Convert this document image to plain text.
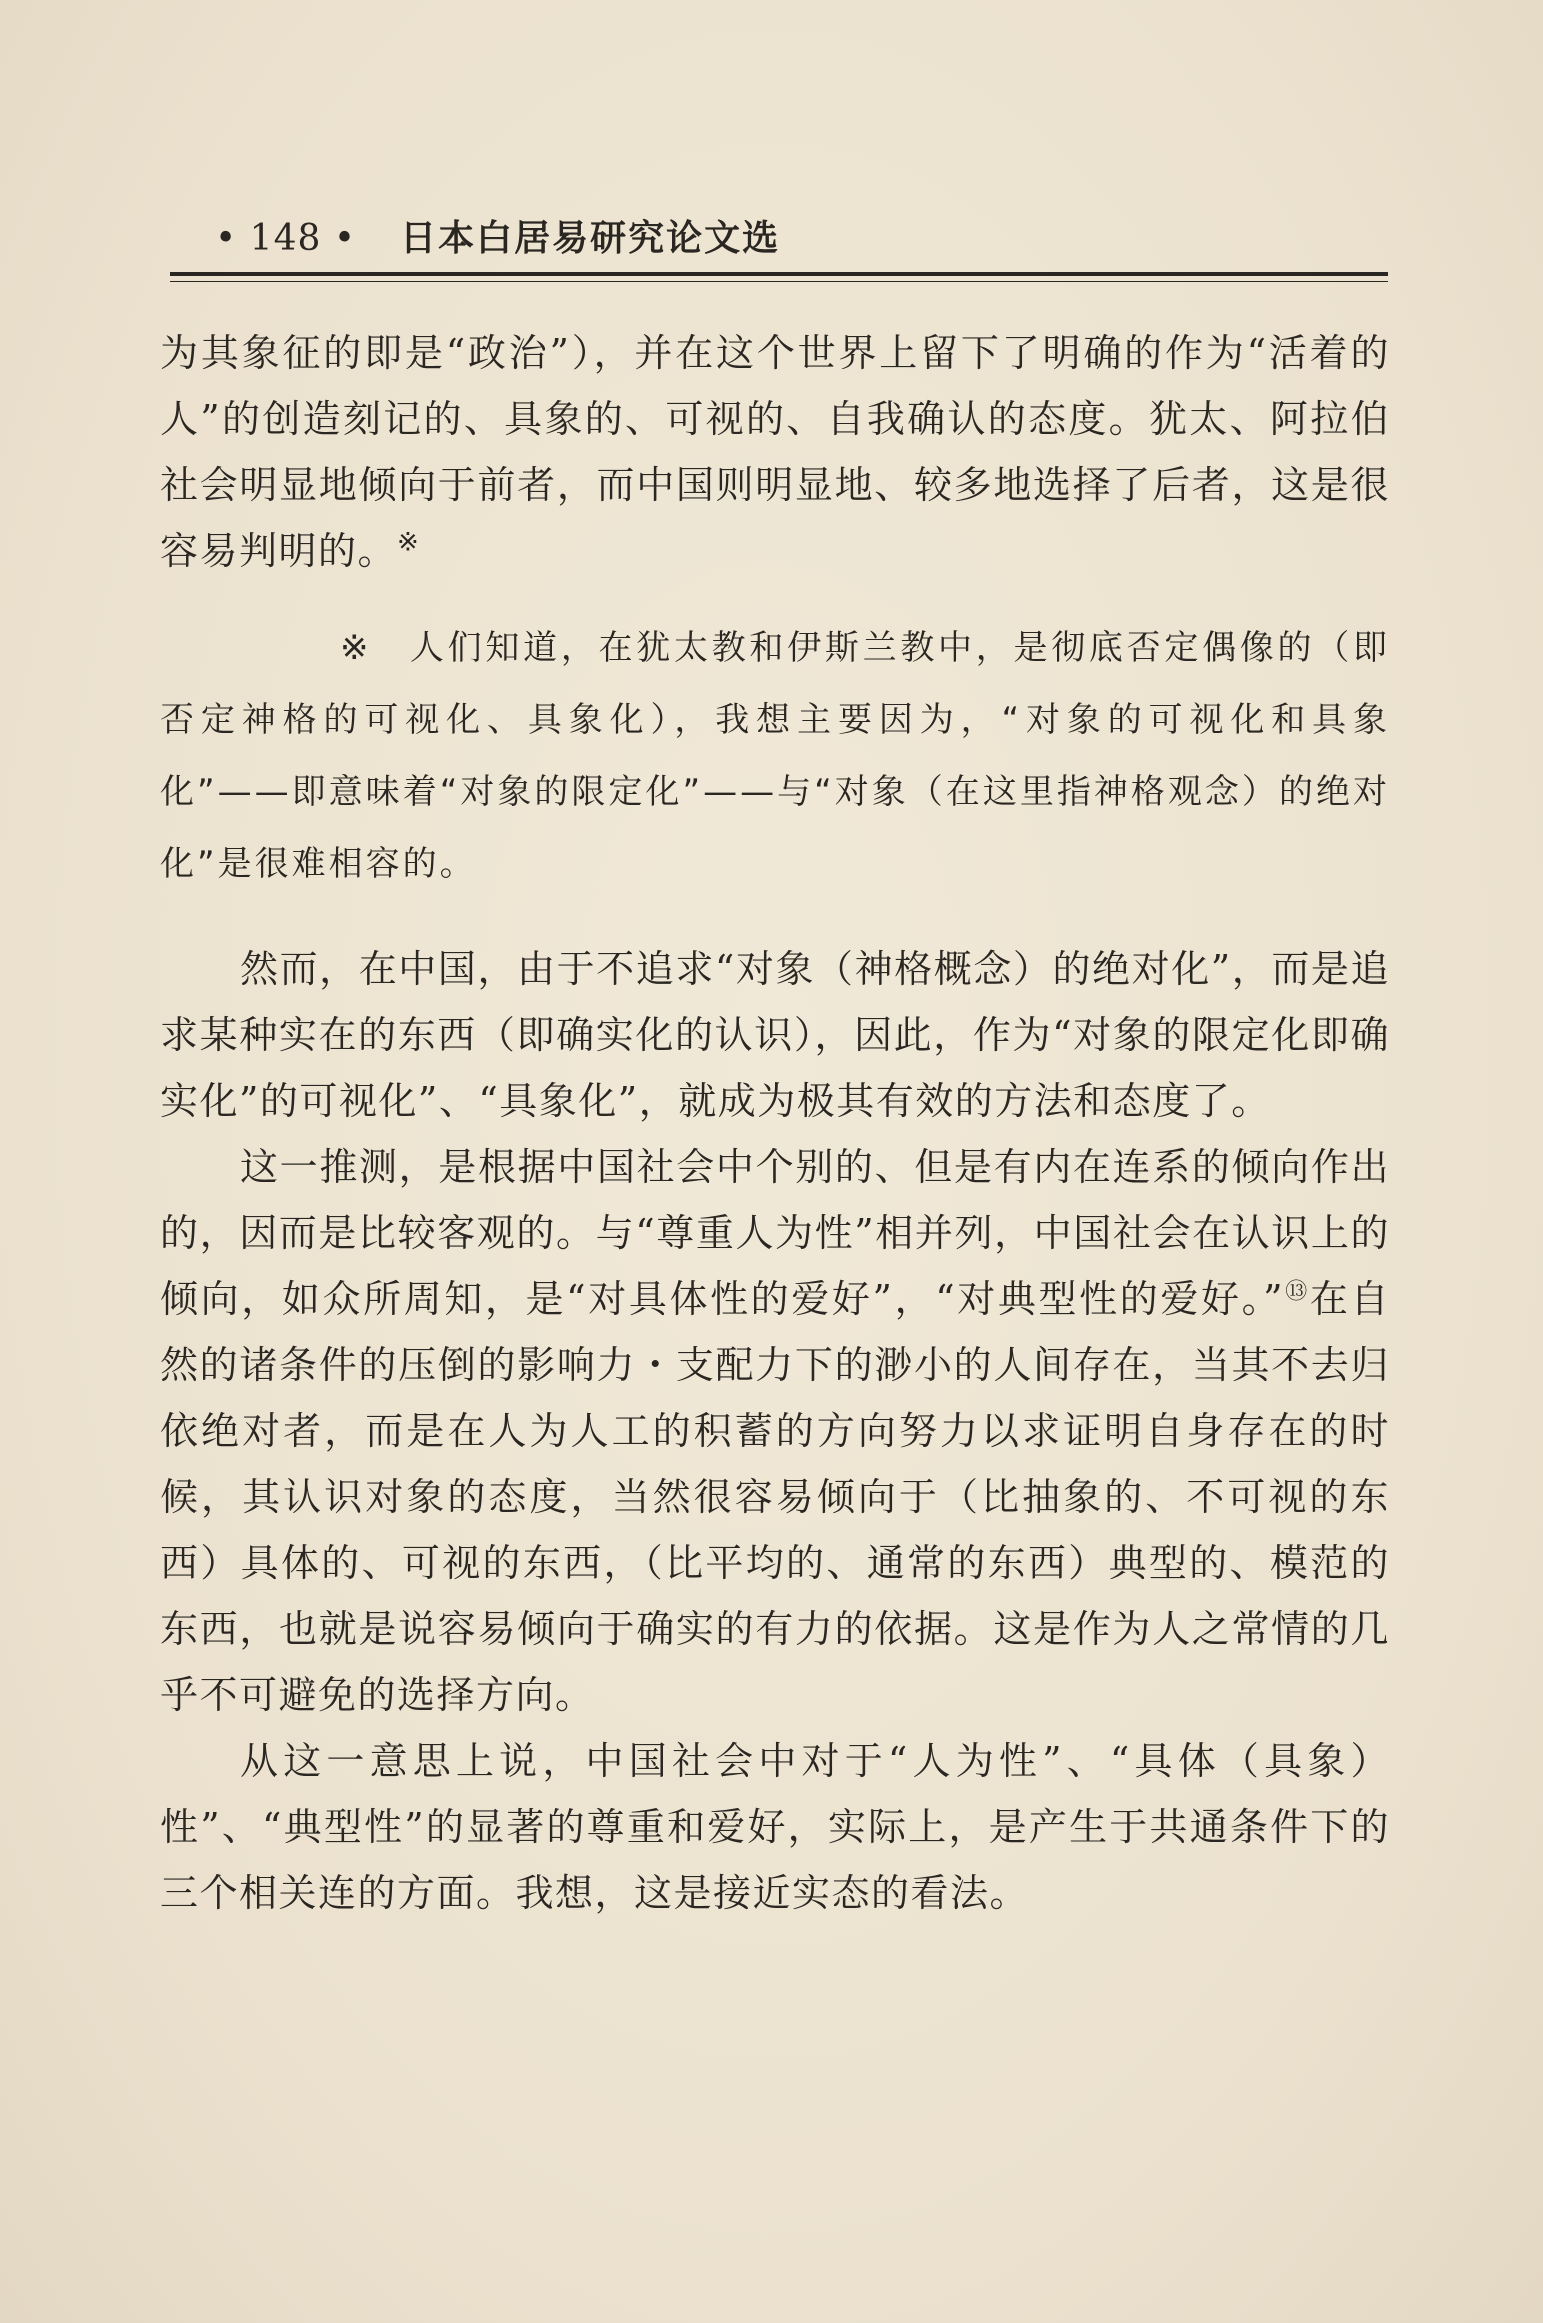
• 148 • 日本白居易研究论文选

为其象征的即是“政治”），并在这个世界上留下了明确的作为“活着的人”的创造刻记的、具象的、可视的、自我确认的态度。犹太、阿拉伯社会明显地倾向于前者，而中国则明显地、较多地选择了后者，这是很容易判明的。※

※　人们知道，在犹太教和伊斯兰教中，是彻底否定偶像的（即否定神格的可视化、具象化），我想主要因为，“对象的可视化和具象化”——即意味着“对象的限定化”——与“对象（在这里指神格观念）的绝对化”是很难相容的。

然而，在中国，由于不追求“对象（神格概念）的绝对化”，而是追求某种实在的东西（即确实化的认识），因此，作为“对象的限定化即确实化”的可视化”、“具象化”，就成为极其有效的方法和态度了。

这一推测，是根据中国社会中个别的、但是有内在连系的倾向作出的，因而是比较客观的。与“尊重人为性”相并列，中国社会在认识上的倾向，如众所周知，是“对具体性的爱好”，“对典型性的爱好。”⑬在自然的诸条件的压倒的影响力・支配力下的渺小的人间存在，当其不去归依绝对者，而是在人为人工的积蓄的方向努力以求证明自身存在的时候，其认识对象的态度，当然很容易倾向于（比抽象的、不可视的东西）具体的、可视的东西，（比平均的、通常的东西）典型的、模范的东西，也就是说容易倾向于确实的有力的依据。这是作为人之常情的几乎不可避免的选择方向。

从这一意思上说，中国社会中对于“人为性”、“具体（具象）性”、“典型性”的显著的尊重和爱好，实际上，是产生于共通条件下的三个相关连的方面。我想，这是接近实态的看法。
